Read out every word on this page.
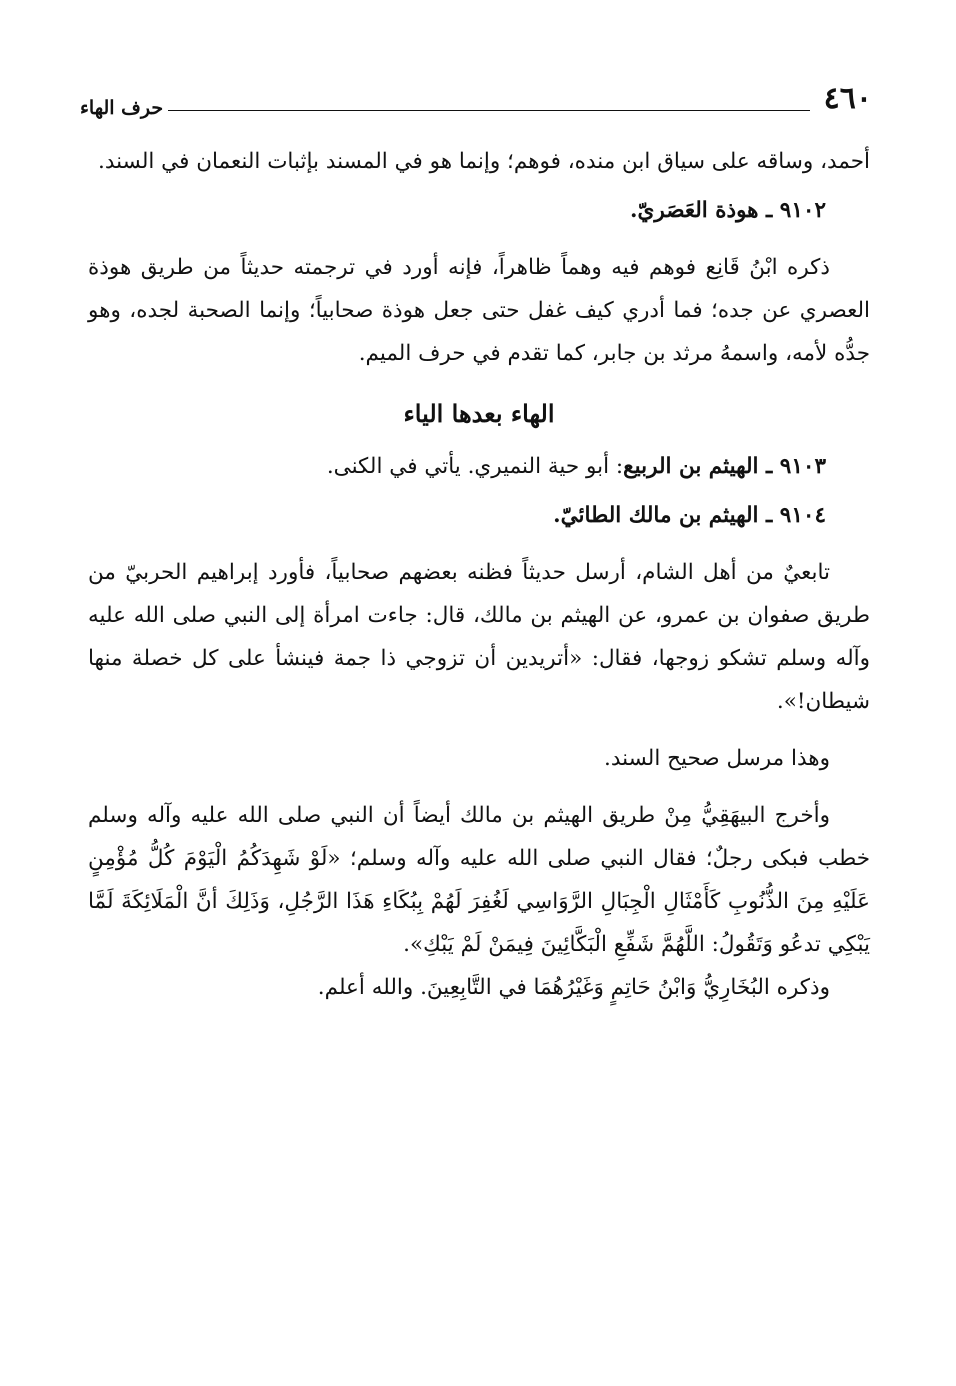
٤٦٠
حرف الهاء

أحمد، وساقه على سياق ابن منده، فوهم؛ وإنما هو في المسند بإثبات النعمان في السند.

٩١٠٢ ـ هوذة العَصَريّ.

ذكره ابْنُ قَانِع فوهم فيه وهماً ظاهراً، فإنه أورد في ترجمته حديثاً من طريق هوذة العصري عن جده؛ فما أدري كيف غفل حتى جعل هوذة صحابياً؛ وإنما الصحبة لجده، وهو جدُّه لأمه، واسمهُ مرثد بن جابر، كما تقدم في حرف الميم.

الهاء بعدها الياء

٩١٠٣ ـ الهيثم بن الربيع: أبو حية النميري. يأتي في الكنى.

٩١٠٤ ـ الهيثم بن مالك الطائيّ.

تابعيٌ من أهل الشام، أرسل حديثاً فظنه بعضهم صحابياً، فأورد إبراهيم الحربيّ من طريق صفوان بن عمرو، عن الهيثم بن مالك، قال: جاءت امرأة إلى النبي صلى الله عليه وآله وسلم تشكو زوجها، فقال: «أتريدين أن تزوجي ذا جمة فينشأ على كل خصلة منها شيطان!».

وهذا مرسل صحيح السند.

وأخرج البيهَقِيُّ مِنْ طريق الهيثم بن مالك أيضاً أن النبي صلى الله عليه وآله وسلم خطب فبكى رجلٌ؛ فقال النبي صلى الله عليه وآله وسلم؛ «لَوْ شَهِدَكُمُ الْيَوْمَ كُلُّ مُؤْمِنٍ عَلَيْهِ مِنَ الذُّنُوبِ كَأَمْثَالِ الْجِبَالِ الرَّوَاسِي لَغُفِرَ لَهُمْ بِبُكَاءِ هَذَا الرَّجُلِ، وَذَلِكَ أنَّ الْمَلَائِكَةَ لَمَّا يَبْكِي تدعُو وَتَقُولُ: اللَّهُمَّ شَفِّعِ الْبَكَّائِينَ فِيمَنْ لَمْ يَبْكِ».

وذكره البُخَارِيُّ وَابْنُ حَاتِمٍ وَغَيْرُهُمَا في التَّابِعِينَ. والله أعلم.
